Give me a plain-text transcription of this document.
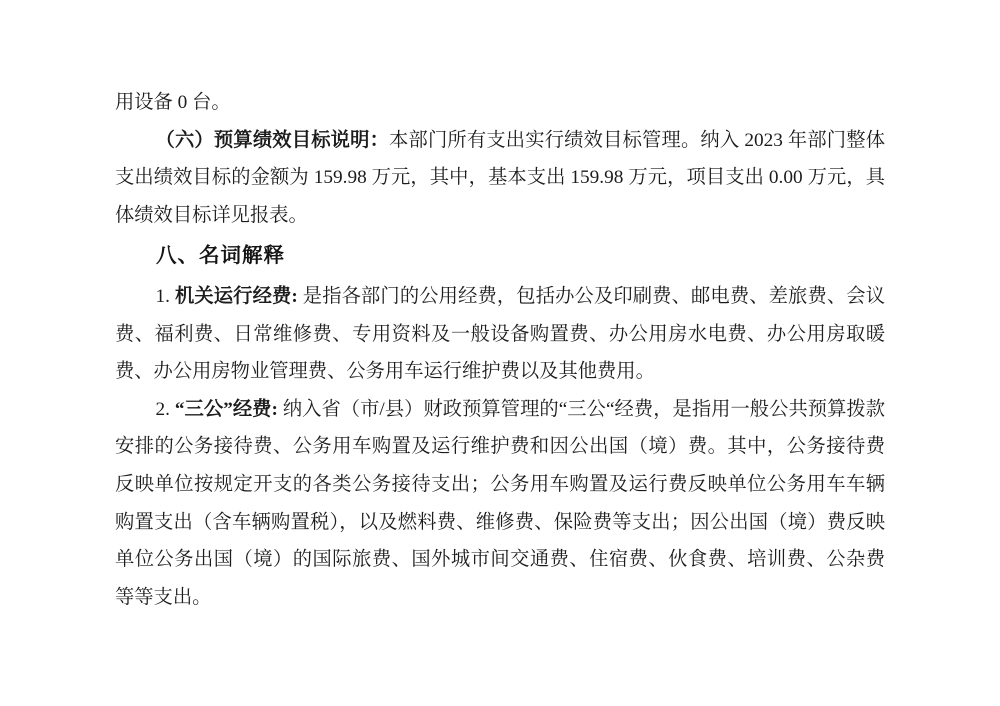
用设备 0 台。

（六）预算绩效目标说明：本部门所有支出实行绩效目标管理。纳入 2023 年部门整体支出绩效目标的金额为 159.98 万元，其中，基本支出 159.98 万元，项目支出 0.00 万元，具体绩效目标详见报表。

八、名词解释

1. 机关运行经费: 是指各部门的公用经费，包括办公及印刷费、邮电费、差旅费、会议费、福利费、日常维修费、专用资料及一般设备购置费、办公用房水电费、办公用房取暖费、办公用房物业管理费、公务用车运行维护费以及其他费用。

2. “三公”经费: 纳入省（市/县）财政预算管理的“三公“经费，是指用一般公共预算拨款安排的公务接待费、公务用车购置及运行维护费和因公出国（境）费。其中，公务接待费反映单位按规定开支的各类公务接待支出；公务用车购置及运行费反映单位公务用车车辆购置支出（含车辆购置税），以及燃料费、维修费、保险费等支出；因公出国（境）费反映单位公务出国（境）的国际旅费、国外城市间交通费、住宿费、伙食费、培训费、公杂费等等支出。
